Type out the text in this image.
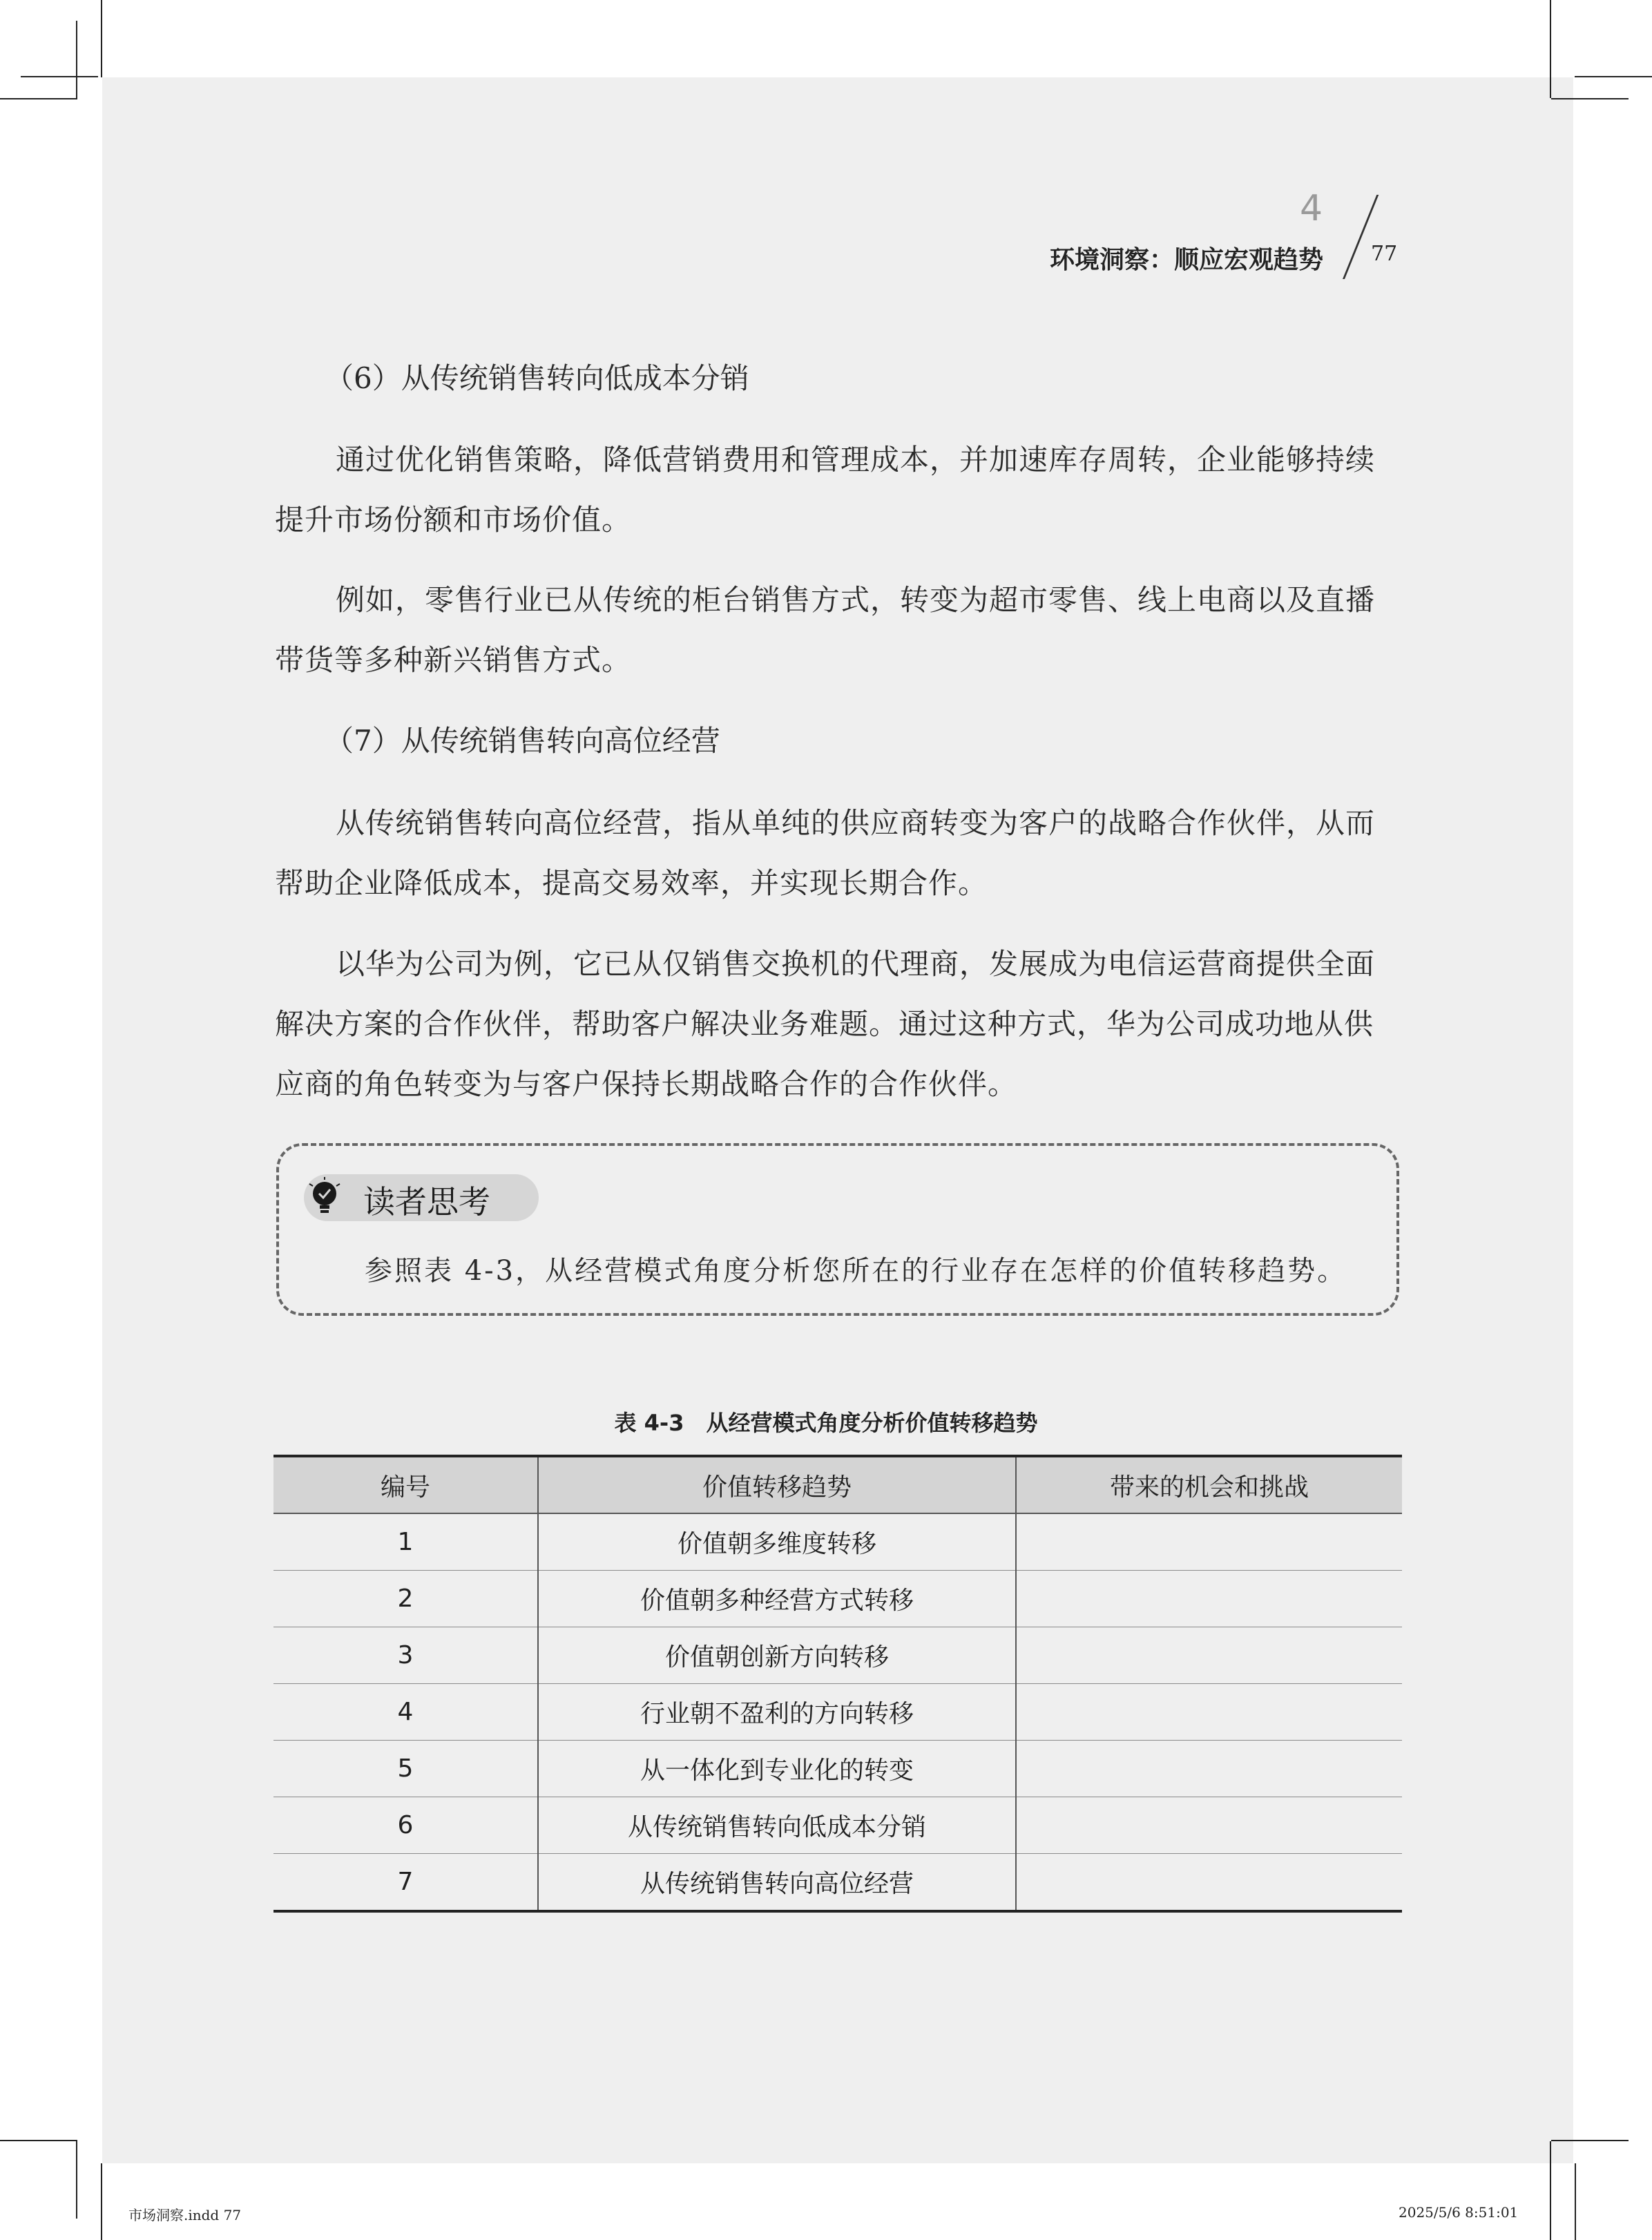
4
环境洞察：顺应宏观趋势 77
（6）从传统销售转向低成本分销

通过优化销售策略，降低营销费用和管理成本，并加速库存周转，企业能够持续提升市场份额和市场价值。

例如，零售行业已从传统的柜台销售方式，转变为超市零售、线上电商以及直播带货等多种新兴销售方式。

（7）从传统销售转向高位经营

从传统销售转向高位经营，指从单纯的供应商转变为客户的战略合作伙伴，从而帮助企业降低成本，提高交易效率，并实现长期合作。

以华为公司为例，它已从仅销售交换机的代理商，发展成为电信运营商提供全面解决方案的合作伙伴，帮助客户解决业务难题。通过这种方式，华为公司成功地从供应商的角色转变为与客户保持长期战略合作的合作伙伴。

读者思考
参照表 4-3，从经营模式角度分析您所在的行业存在怎样的价值转移趋势。
表 4-3　从经营模式角度分析价值转移趋势
编号	价值转移趋势	带来的机会和挑战
1	价值朝多维度转移	
2	价值朝多种经营方式转移	
3	价值朝创新方向转移	
4	行业朝不盈利的方向转移	
5	从一体化到专业化的转变	
6	从传统销售转向低成本分销	
7	从传统销售转向高位经营	
市场洞察.indd 77	2025/5/6 8:51:01
